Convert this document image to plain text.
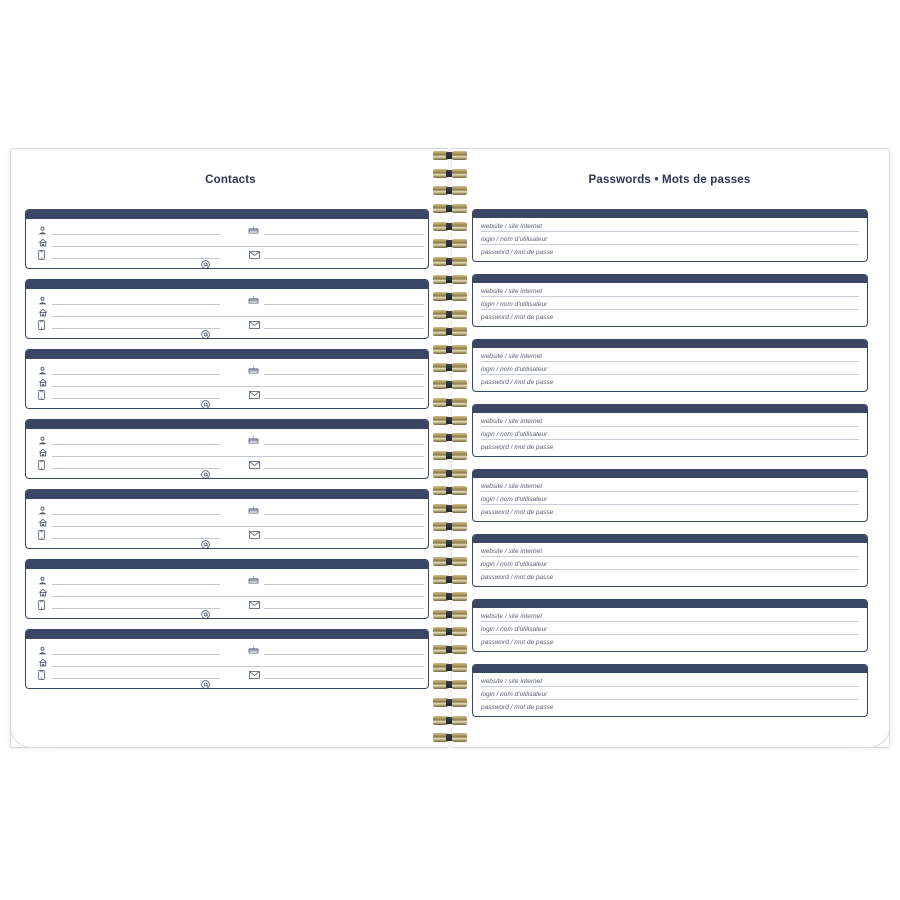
Contacts	Passwords • Mots de passes
website / site internet
login / nom d'utilisateur
password / mot de passe
website / site internet
login / nom d'utilisateur
password / mot de passe
website / site internet
login / nom d'utilisateur
password / mot de passe
website / site internet
login / nom d'utilisateur
password / mot de passe
website / site internet
login / nom d'utilisateur
password / mot de passe
website / site internet
login / nom d'utilisateur
password / mot de passe
website / site internet
login / nom d'utilisateur
password / mot de passe
website / site internet
login / nom d'utilisateur
password / mot de passe
